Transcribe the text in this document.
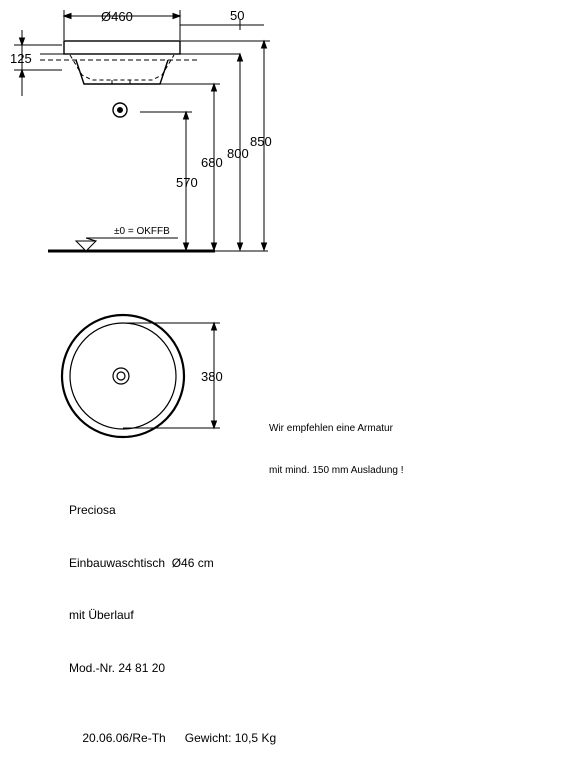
Ø460	50
125
680
800
850
570
±0 = OKFFB
380

Wir empfehlen eine Armatur

mit mind. 150 mm Ausladung !

Preciosa

Einbauwaschtisch  Ø46 cm

mit Überlauf

Mod.-Nr. 24 81 20

20.06.06/Re-Th Gewicht: 10,5 Kg
